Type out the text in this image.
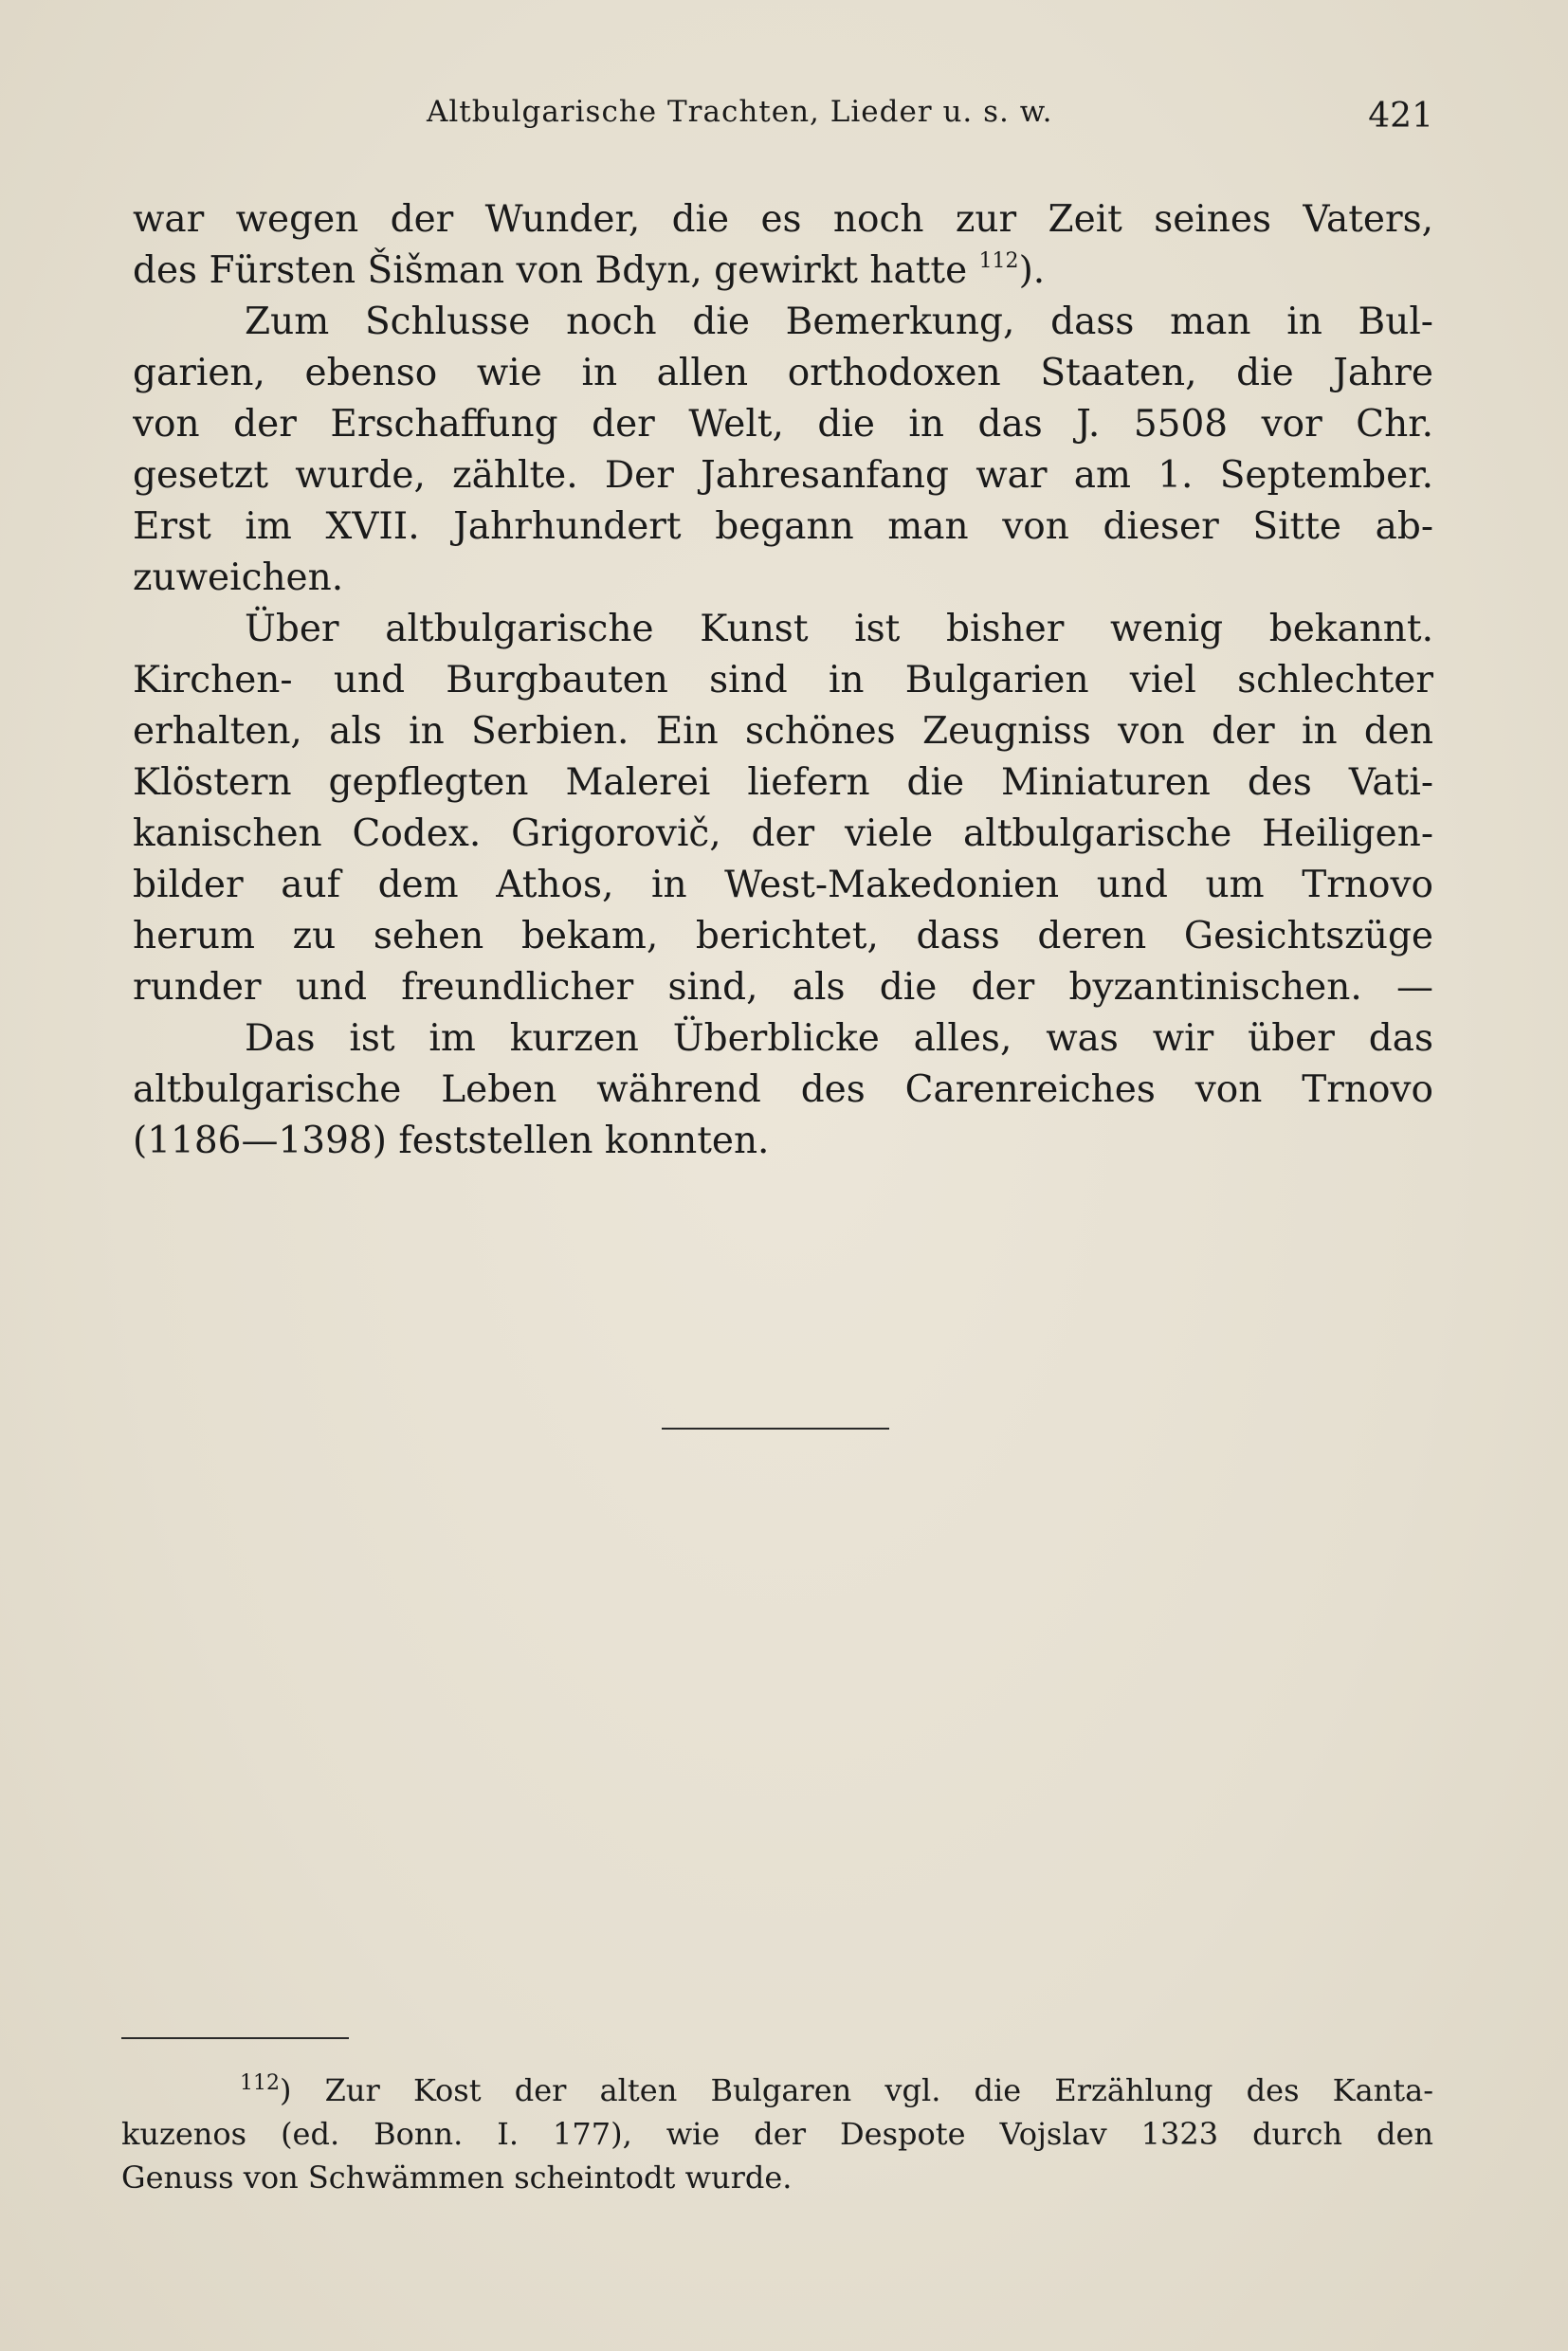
Altbulgarische Trachten, Lieder u. s. w.	421
war wegen der Wunder, die es noch zur Zeit seines Vaters,
des Fürsten Šišman von Bdyn, gewirkt hatte $^{112}$).
Zum Schlusse noch die Bemerkung, dass man in Bul-
garien, ebenso wie in allen orthodoxen Staaten, die Jahre
von der Erschaffung der Welt, die in das J. 5508 vor Chr.
gesetzt wurde, zählte. Der Jahresanfang war am 1. September.
Erst im XVII. Jahrhundert begann man von dieser Sitte ab-
zuweichen.
Über altbulgarische Kunst ist bisher wenig bekannt.
Kirchen- und Burgbauten sind in Bulgarien viel schlechter
erhalten, als in Serbien. Ein schönes Zeugniss von der in den
Klöstern gepflegten Malerei liefern die Miniaturen des Vati-
kanischen Codex. Grigorovič, der viele altbulgarische Heiligen-
bilder auf dem Athos, in West-Makedonien und um Trnovo
herum zu sehen bekam, berichtet, dass deren Gesichtszüge
runder und freundlicher sind, als die der byzantinischen. —
Das ist im kurzen Überblicke alles, was wir über das
altbulgarische Leben während des Carenreiches von Trnovo
(1186—1398) feststellen konnten.
$^{112}$) Zur Kost der alten Bulgaren vgl. die Erzählung des Kanta-
kuzenos (ed. Bonn. I. 177), wie der Despote Vojslav 1323 durch den
Genuss von Schwämmen scheintodt wurde.
